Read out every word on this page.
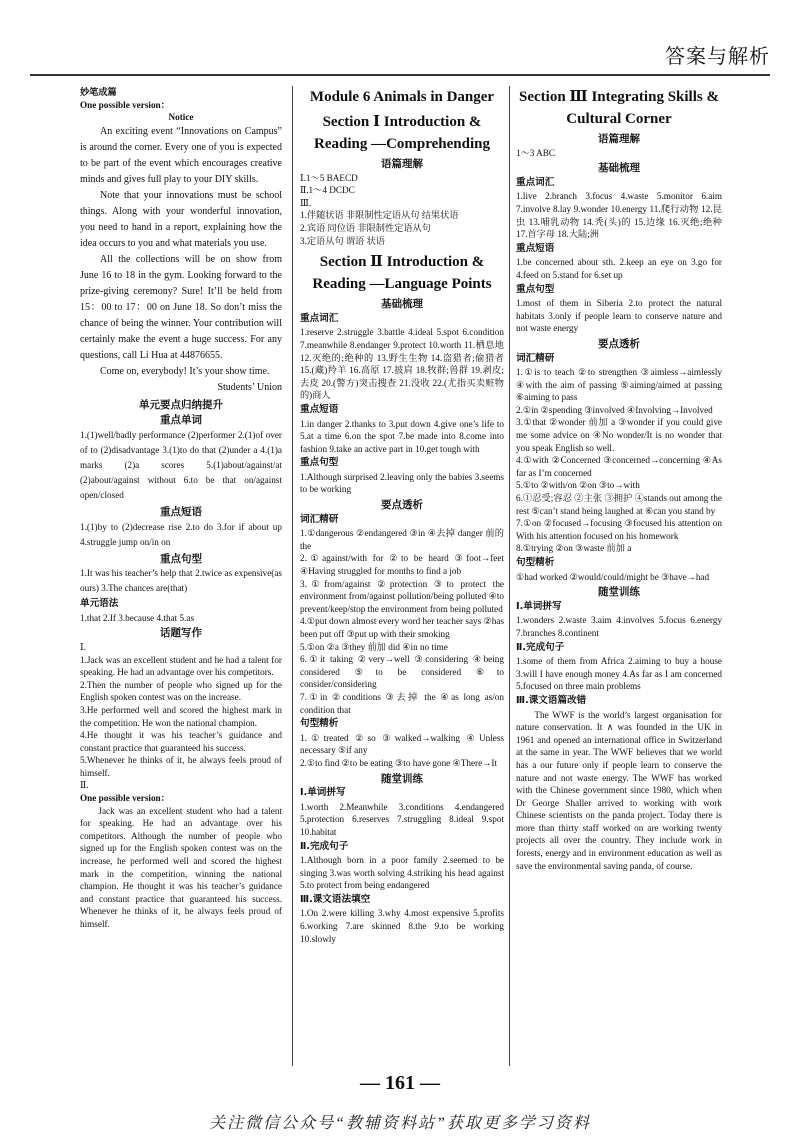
答案与解析

妙笔成篇

One possible version：

Notice

An exciting event “Innovations on Campus” is around the corner. Every one of you is expected to be part of the event which encourages creative minds and gives full play to your DIY skills.

Note that your innovations must be school things. Along with your wonderful innovation, you need to hand in a report, explaining how the idea occurs to you and what materials you use.

All the collections will be on show from June 16 to 18 in the gym. Looking forward to the prize-giving ceremony? Sure! It’ll be held from 15：00 to 17：00 on June 18. So don’t miss the chance of being the winner. Your contribution will certainly make the event a huge success. For any questions, call Li Hua at 44876655.

Come on, everybody! It’s your show time.

Students’ Union

单元要点归纳提升
重点单词

1.(1)well/badly performance (2)performer 2.(1)of over of to (2)disadvantage 3.(1)to do that (2)under a 4.(1)a marks (2)a scores 5.(1)about/against/at (2)about/against without 6.to be that on/against open/closed

重点短语

1.(1)by to (2)decrease rise 2.to do 3.for if about up 4.struggle jump on/in on

重点句型

1.It was his teacher’s help that 2.twice as expensive(as ours) 3.The chances are(that)

单元语法

1.that 2.If 3.because 4.that 5.as

话题写作

Ⅰ.

1.Jack was an excellent student and he had a talent for speaking. He had an advantage over his competitors.

2.Then the number of people who signed up for the English spoken contest was on the increase.

3.He performed well and scored the highest mark in the competition. He won the national champion.

4.He thought it was his teacher’s guidance and constant practice that guaranteed his success.

5.Whenever he thinks of it, he always feels proud of himself.

Ⅱ.

One possible version：

Jack was an excellent student who had a talent for speaking. He had an advantage over his competitors. Although the number of people who signed up for the English spoken contest was on the increase, he performed well and scored the highest mark in the competition, winning the national champion. He thought it was his teacher’s guidance and constant practice that guaranteed his success. Whenever he thinks of it, he always feels proud of himself.

Module 6 Animals in Danger
Section Ⅰ Introduction & Reading —Comprehending
语篇理解

Ⅰ.1～5 BAECD

Ⅱ.1～4 DCDC

Ⅲ.

1.伴随状语 非限制性定语从句 结果状语

2.宾语 同位语 非限制性定语从句

3.定语从句 谓语 状语

Section Ⅱ Introduction & Reading —Language Points
基础梳理
重点词汇

1.reserve 2.struggle 3.battle 4.ideal 5.spot 6.condition 7.meanwhile 8.endanger 9.protect 10.worth 11.栖息地 12.灭绝的;绝种的 13.野生生物 14.盗猎者;偷猎者 15.(藏)羚羊 16.高原 17.披肩 18.牧群;兽群 19.剥皮;去皮 20.(警方)突击搜查 21.没收 22.(尤指买卖赃物的)商人

重点短语

1.in danger 2.thanks to 3.put down 4.give one’s life to 5.at a time 6.on the spot 7.be made into 8.come into fashion 9.take an active part in 10.get tough with

重点句型

1.Although surprised 2.leaving only the babies 3.seems to be working

要点透析
词汇精研

1.①dangerous ②endangered ③in ④去掉 danger 前的 the

2.①against/with for ②to be heard ③foot→feet ④Having struggled for months to find a job

3.①from/against ②protection ③to protect the environment from/against pollution/being polluted ④to prevent/keep/stop the environment from being polluted

4.①put down almost every word her teacher says ②has been put off ③put up with their smoking

5.①on ②a ③they 前加 did ④in no time

6.①it taking ②very→well ③considering ④being considered ⑤to be considered ⑥to consider/considering

7.①in ②conditions ③去掉 the ④as long as/on condition that

句型精析

1.①treated ②so ③walked→walking ④Unless necessary ⑤if any

2.①to find ②to be eating ③to have gone ④There→It

随堂训练
Ⅰ.单词拼写

1.worth 2.Meanwhile 3.conditions 4.endangered 5.protection 6.reserves 7.struggling 8.ideal 9.spot 10.habitat

Ⅱ.完成句子

1.Although born in a poor family 2.seemed to be singing 3.was worth solving 4.striking his head against 5.to protect from being endangered

Ⅲ.课文语法填空

1.On 2.were killing 3.why 4.most expensive 5.profits 6.working 7.are skinned 8.the 9.to be working 10.slowly

Section Ⅲ Integrating Skills & Cultural Corner
语篇理解

1～3 ABC

基础梳理
重点词汇

1.live 2.branch 3.focus 4.waste 5.monitor 6.aim 7.involve 8.lay 9.wonder 10.energy 11.爬行动物 12.昆虫 13.哺乳动物 14.秃(头)的 15.边缘 16.灭绝;绝种 17.首字母 18.大陆;洲

重点短语

1.be concerned about sth. 2.keep an eye on 3.go for 4.feed on 5.stand for 6.set up

重点句型

1.most of them in Siberia 2.to protect the natural habitats 3.only if people learn to conserve nature and not waste energy

要点透析
词汇精研

1.①is to teach ②to strengthen ③aimless→aimlessly ④with the aim of passing ⑤aiming/aimed at passing ⑥aiming to pass

2.①in ②spending ③involved ④Involving→Involved

3.①that ②wonder 前加 a ③wonder if you could give me some advice on ④No wonder/It is no wonder that you speak English so well.

4.①with ②Concerned ③concerned→concerning ④As far as I’m concerned

5.①to ②with/on ②on ③to→with

6.①忍受;容忍 ②主张 ③拥护 ④stands out among the rest ⑤can’t stand being laughed at ⑥can you stand by

7.①on ②focused→focusing ③focused his attention on With his attention focused on his homework

8.①trying ②on ③waste 前加 a

句型精析

①had worked ②would/could/might be ③have→had

随堂训练
Ⅰ.单词拼写

1.wonders 2.waste 3.aim 4.involves 5.focus 6.energy 7.branches 8.continent

Ⅱ.完成句子

1.some of them from Africa 2.aiming to buy a house 3.will I have enough money 4.As far as I am concerned 5.focused on three main problems

Ⅲ.课文语篇改错

The WWF is the world’s largest organisation for nature conservation. It ∧ was founded in the UK in 1961 and opened an international office in Switzerland at the same in year. The WWF believes that we world has a our future only if people learn to conserve the nature and not waste energy. The WWF has worked with the Chinese government since 1980, which when Dr George Shaller arrived to working with work Chinese scientists on the panda project. Today there is more than thirty staff worked on are working twenty projects all over the country. They include work in forests, energy and in environment education as well as save the environmental saving panda, of course.

— 161 —
关注微信公众号“教辅资料站”获取更多学习资料
